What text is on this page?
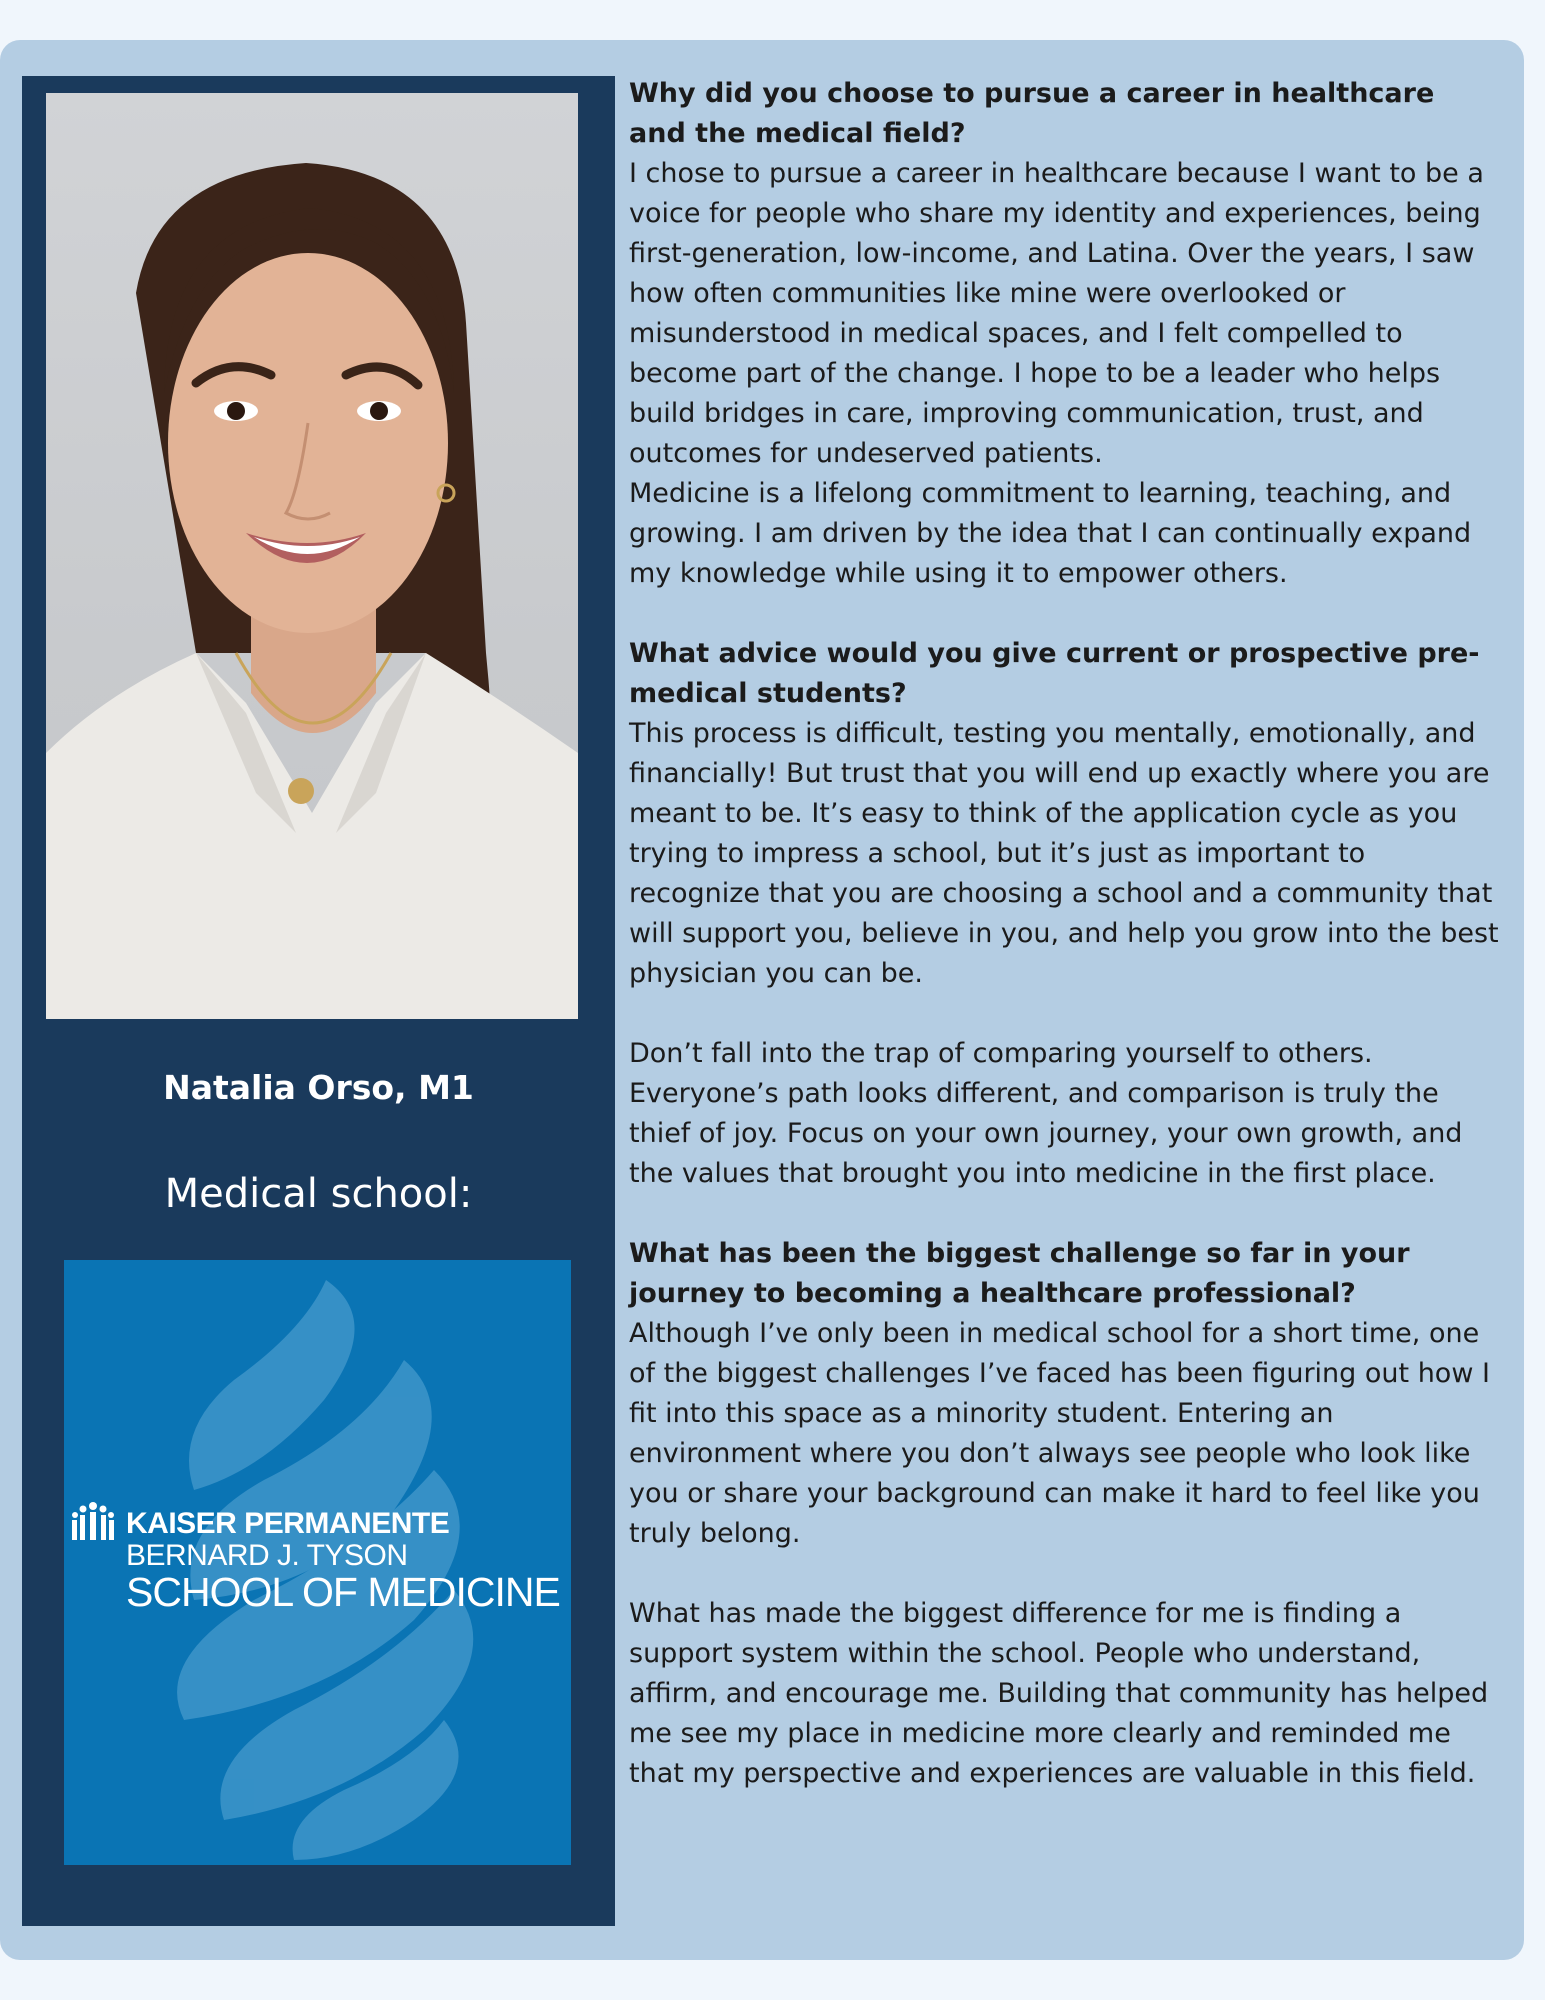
Natalia Orso, M1
Medical school:
KAISER PERMANENTE
BERNARD J. TYSON
SCHOOL OF MEDICINE

Why did you choose to pursue a career in healthcare and the medical field?

I chose to pursue a career in healthcare because I want to be a voice for people who share my identity and experiences, being first-generation, low-income, and Latina. Over the years, I saw how often communities like mine were overlooked or misunderstood in medical spaces, and I felt compelled to become part of the change. I hope to be a leader who helps build bridges in care, improving communication, trust, and outcomes for undeserved patients.

Medicine is a lifelong commitment to learning, teaching, and growing. I am driven by the idea that I can continually expand my knowledge while using it to empower others.

What advice would you give current or prospective pre-medical students?

This process is difficult, testing you mentally, emotionally, and financially! But trust that you will end up exactly where you are meant to be. It’s easy to think of the application cycle as you trying to impress a school, but it’s just as important to recognize that you are choosing a school and a community that will support you, believe in you, and help you grow into the best physician you can be.

Don’t fall into the trap of comparing yourself to others. Everyone’s path looks different, and comparison is truly the thief of joy. Focus on your own journey, your own growth, and the values that brought you into medicine in the first place.

What has been the biggest challenge so far in your journey to becoming a healthcare professional?

Although I’ve only been in medical school for a short time, one of the biggest challenges I’ve faced has been figuring out how I fit into this space as a minority student. Entering an environment where you don’t always see people who look like you or share your background can make it hard to feel like you truly belong.

What has made the biggest difference for me is finding a support system within the school. People who understand, affirm, and encourage me. Building that community has helped me see my place in medicine more clearly and reminded me that my perspective and experiences are valuable in this field.
